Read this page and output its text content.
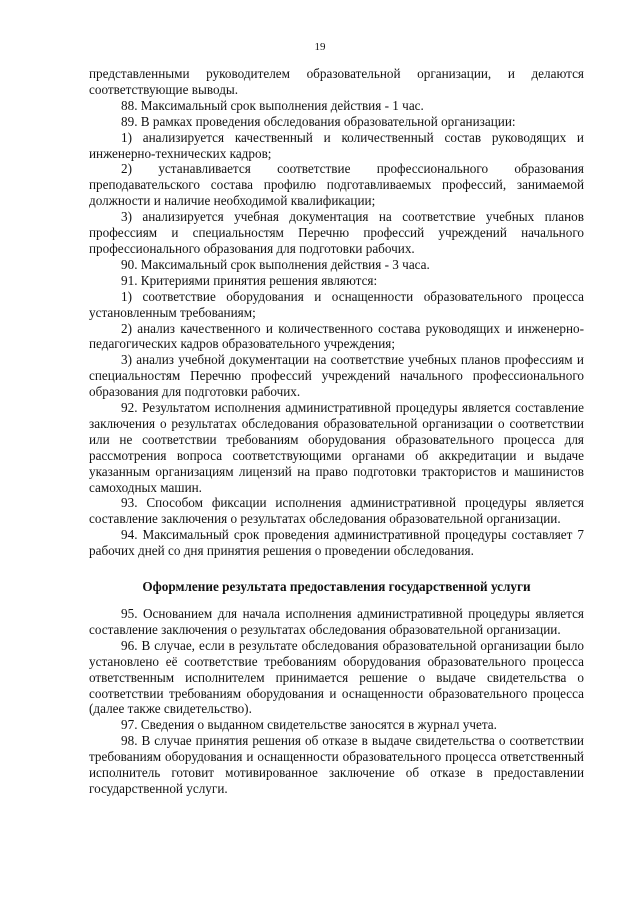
19

представленными руководителем образовательной организации, и делаются соответствующие выводы.

88. Максимальный срок выполнения действия - 1 час.

89. В рамках проведения обследования образовательной организации:

1) анализируется качественный и количественный состав руководящих и инженерно-технических кадров;

2) устанавливается соответствие профессионального образования преподавательского состава профилю подготавливаемых профессий, занимаемой должности и наличие необходимой квалификации;

3) анализируется учебная документация на соответствие учебных планов профессиям и специальностям Перечню профессий учреждений начального профессионального образования для подготовки рабочих.

90. Максимальный срок выполнения действия - 3 часа.

91. Критериями принятия решения являются:

1) соответствие оборудования и оснащенности образовательного процесса установленным требованиям;

2) анализ качественного и количественного состава руководящих и инженерно-педагогических кадров образовательного учреждения;

3) анализ учебной документации на соответствие учебных планов профессиям и специальностям Перечню профессий учреждений начального профессионального образования для подготовки рабочих.

92. Результатом исполнения административной процедуры является составление заключения о результатах обследования образовательной организации о соответствии или не соответствии требованиям оборудования образовательного процесса для рассмотрения вопроса соответствующими органами об аккредитации и выдаче указанным организациям лицензий на право подготовки трактористов и машинистов самоходных машин.

93. Способом фиксации исполнения административной процедуры является составление заключения о результатах обследования образовательной организации.

94. Максимальный срок проведения административной процедуры составляет 7 рабочих дней со дня принятия решения о проведении обследования.

Оформление результата предоставления государственной услуги

95. Основанием для начала исполнения административной процедуры является составление заключения о результатах обследования образовательной организации.

96. В случае, если в результате обследования образовательной организации было установлено её соответствие требованиям оборудования образовательного процесса ответственным исполнителем принимается решение о выдаче свидетельства о соответствии требованиям оборудования и оснащенности образовательного процесса (далее также свидетельство).

97. Сведения о выданном свидетельстве заносятся в журнал учета.

98. В случае принятия решения об отказе в выдаче свидетельства о соответствии требованиям оборудования и оснащенности образовательного процесса ответственный исполнитель готовит мотивированное заключение об отказе в предоставлении государственной услуги.
